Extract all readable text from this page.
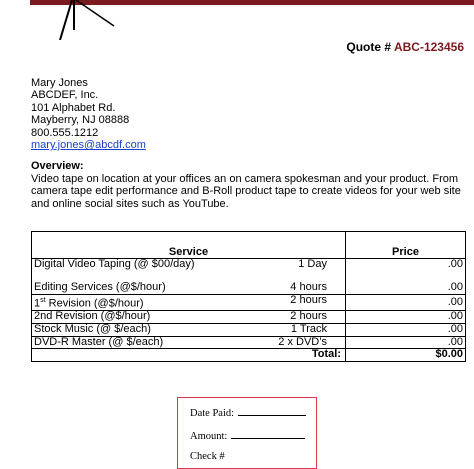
Quote # ABC-123456
Mary Jones
ABCDEF, Inc.
101 Alphabet Rd.
Mayberry, NJ 08888
800.555.1212
mary.jones@abcdf.com
Overview:
Video tape on location at your offices an on camera spokesman and your product. From camera tape edit performance and B-Roll product tape to create videos for your web site and online social sites such as YouTube.
Service	Price

Digital Video Taping (@ $00/day) 1 Day	.00

Editing Services (@$/hour) 4 hours	.00

1st Revision (@$/hour) 2 hours	.00

2nd Revision (@$/hour) 2 hours	.00

Stock Music (@ $/each) 1 Track	.00

DVD-R Master (@ $/each) 2 x DVD’s	.00
Total:	$0.00
Date Paid:
Amount:
Check #
